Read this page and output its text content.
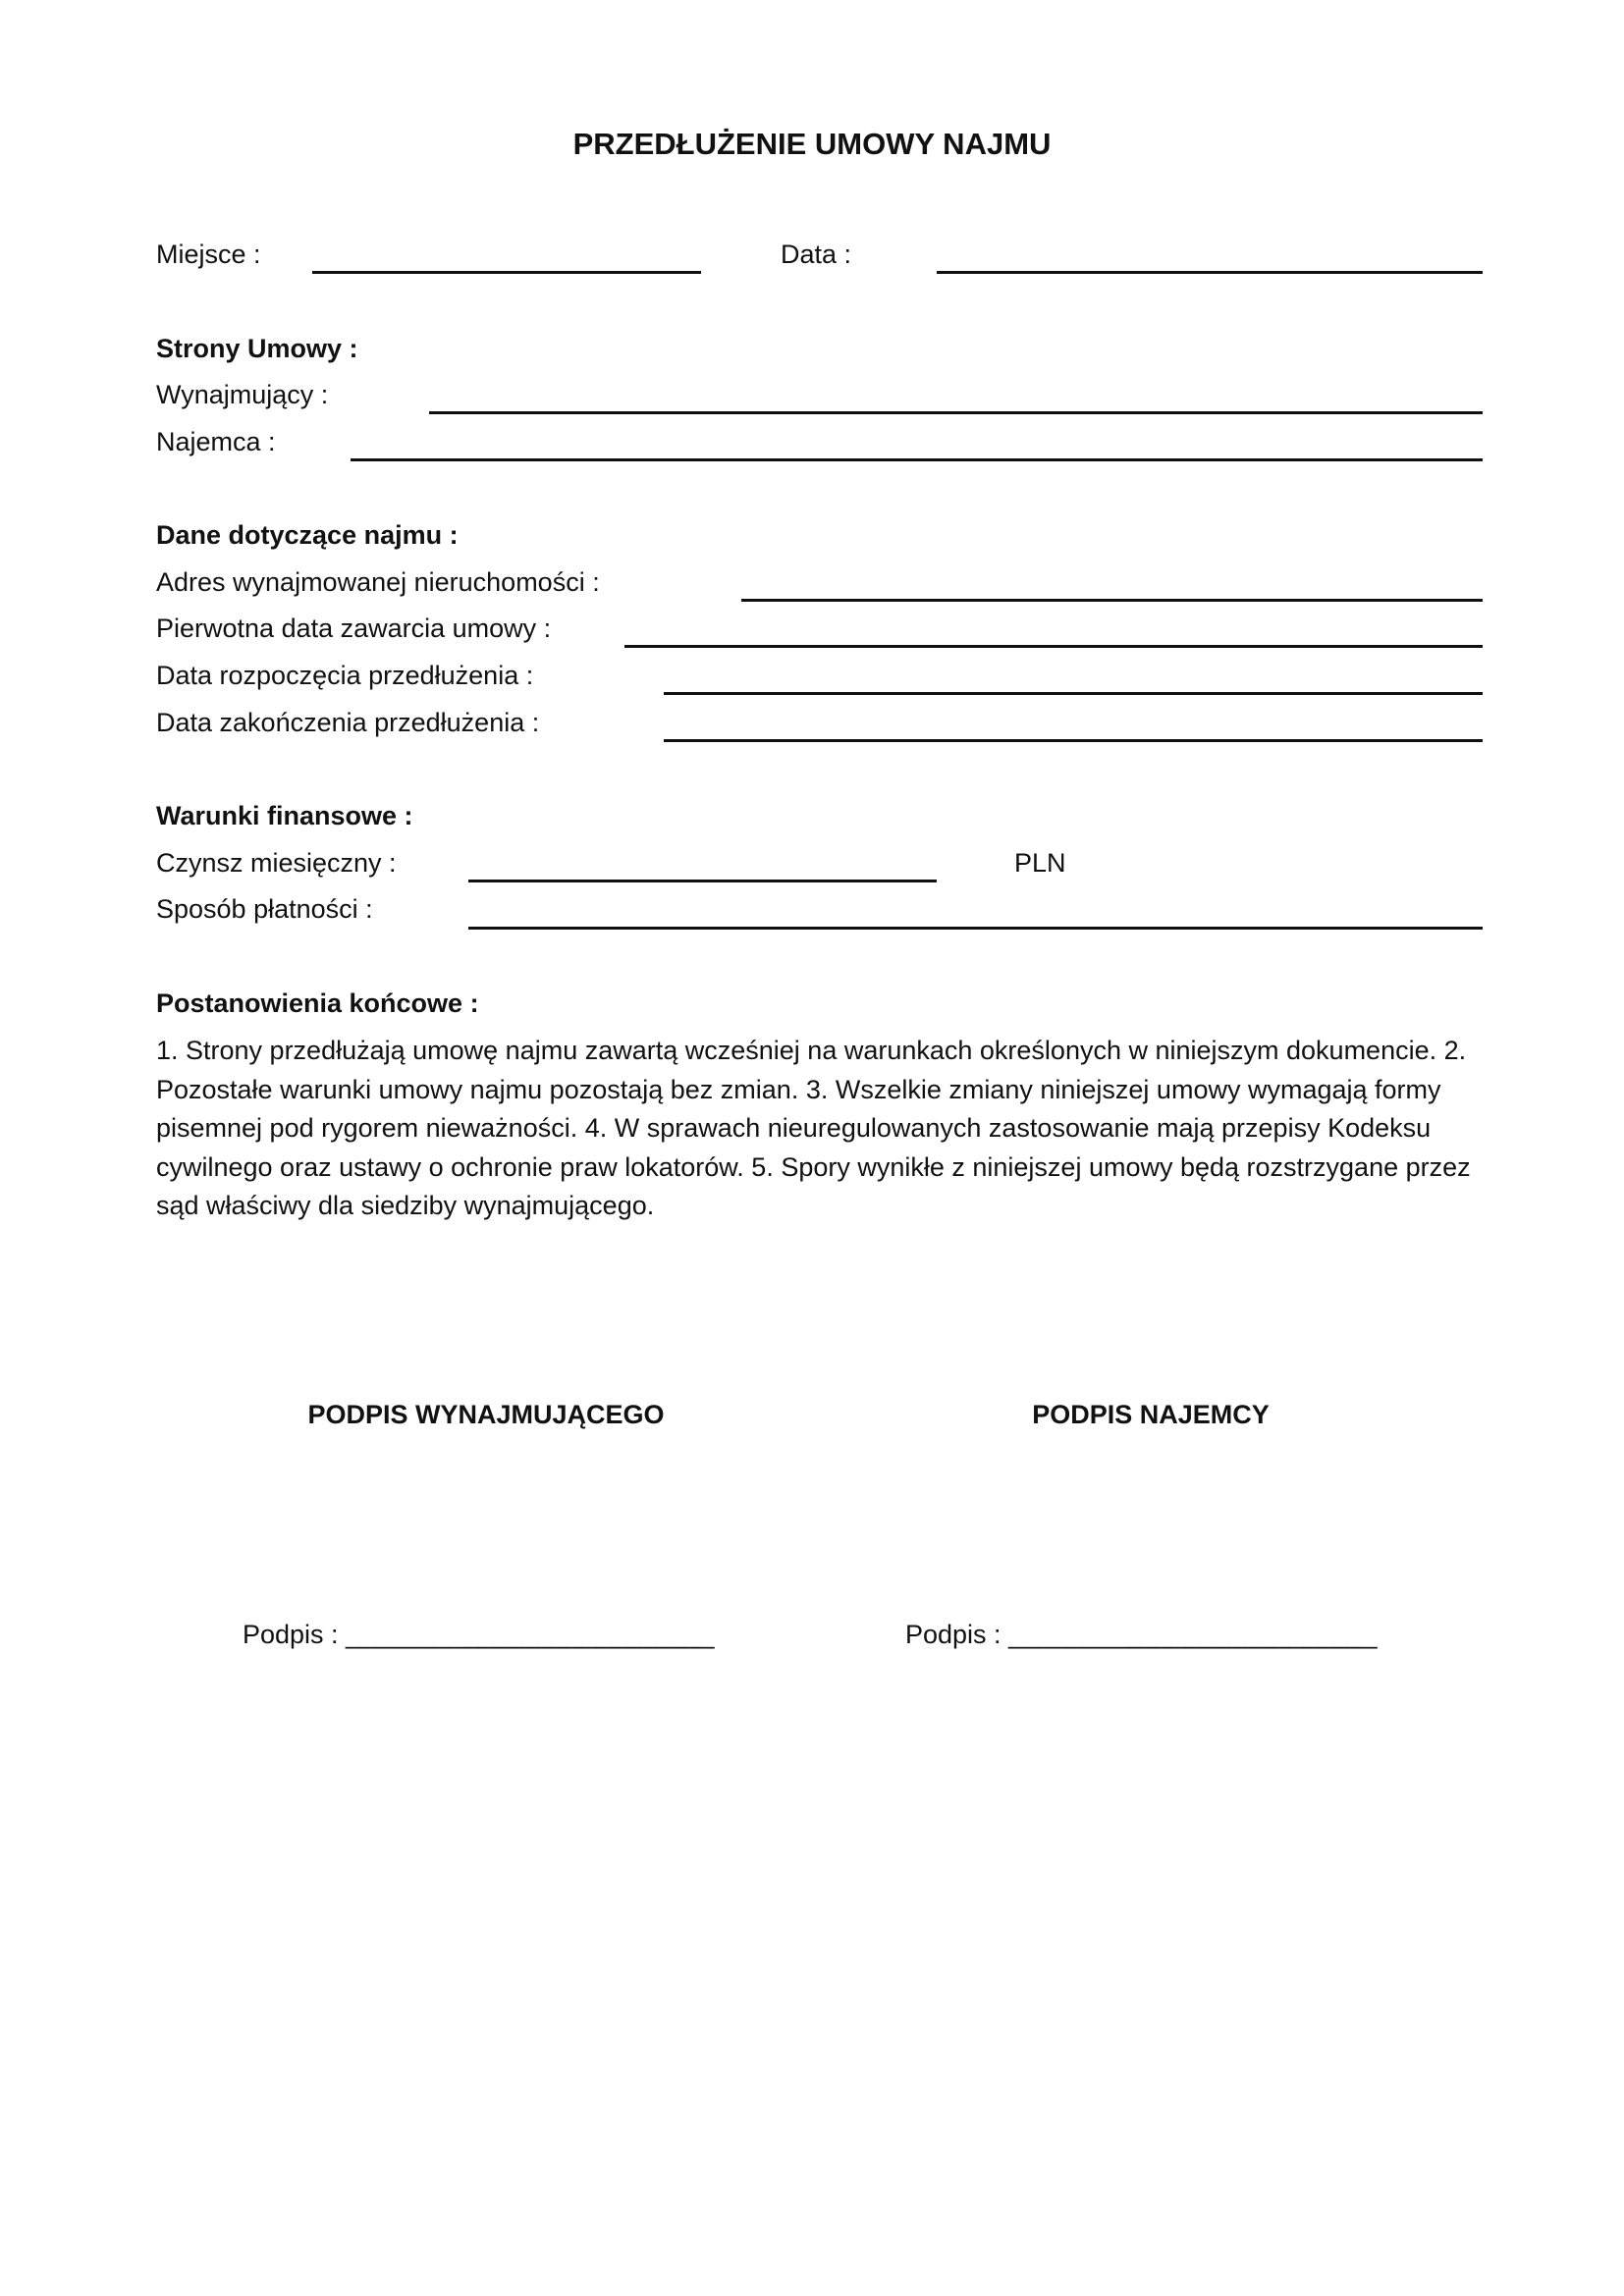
PRZEDŁUŻENIE UMOWY NAJMU
Miejsce :	Data :
Strony Umowy :
Wynajmujący :
Najemca :
Dane dotyczące najmu :
Adres wynajmowanej nieruchomości :
Pierwotna data zawarcia umowy :
Data rozpoczęcia przedłużenia :
Data zakończenia przedłużenia :
Warunki finansowe :
Czynsz miesięczny :	PLN
Sposób płatności :
Postanowienia końcowe :
1. Strony przedłużają umowę najmu zawartą wcześniej na warunkach określonych w niniejszym dokumencie. 2. Pozostałe warunki umowy najmu pozostają bez zmian. 3. Wszelkie zmiany niniejszej umowy wymagają formy pisemnej pod rygorem nieważności. 4. W sprawach nieuregulowanych zastosowanie mają przepisy Kodeksu cywilnego oraz ustawy o ochronie praw lokatorów. 5. Spory wynikłe z niniejszej umowy będą rozstrzygane przez sąd właściwy dla siedziby wynajmującego.
PODPIS WYNAJMUJĄCEGO	PODPIS NAJEMCY
Podpis : _________________________	Podpis : _________________________
